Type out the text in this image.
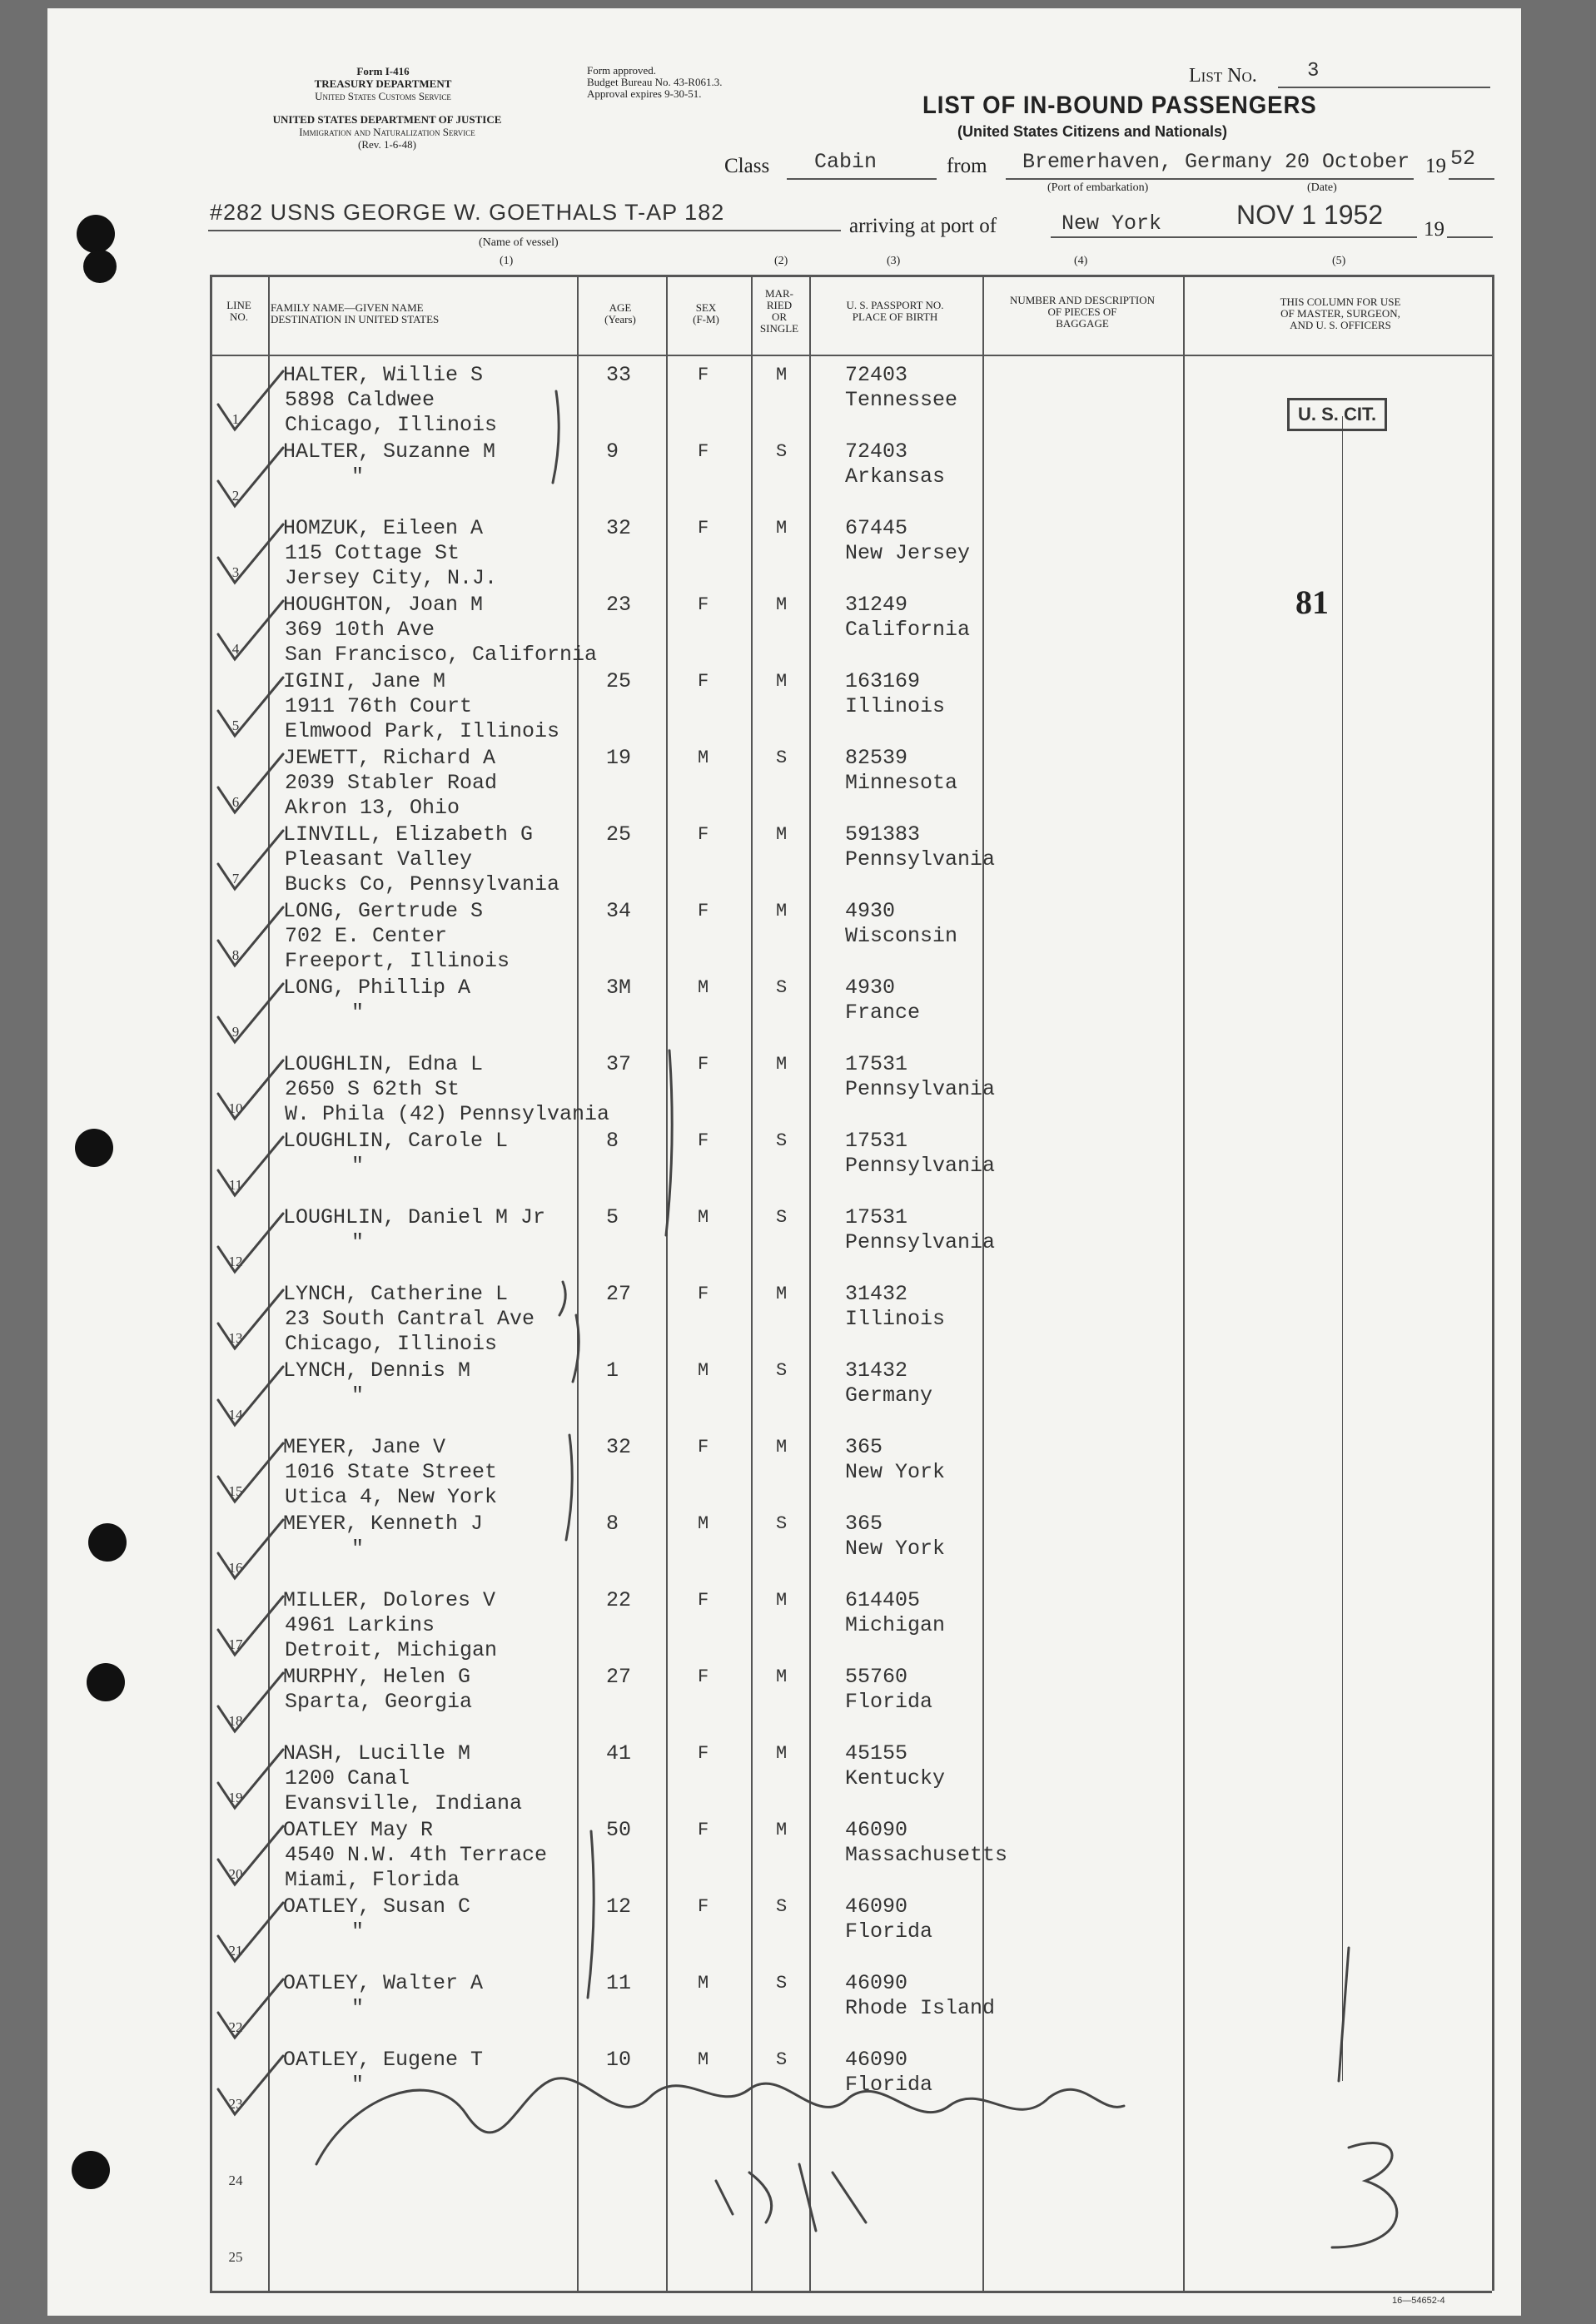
Form I-416
TREASURY DEPARTMENT
United States Customs Service
UNITED STATES DEPARTMENT OF JUSTICE
Immigration and Naturalization Service
(Rev. 1-6-48)
Form approved.
Budget Bureau No. 43-R061.3.
Approval expires 9-30-51.
List No.	3
LIST OF IN-BOUND PASSENGERS
(United States Citizens and Nationals)
Class Cabin	from Bremerhaven, Germany 20 October 19 52
(Port of embarkation)	(Date)
#282 USNS GEORGE W. GOETHALS T-AP 182
(Name of vessel)
arriving at port of	New York	NOV 1 1952 19
(1)	(2)	(3)	(4)	(5)
LINE
NO.
FAMILY NAME—GIVEN NAME
DESTINATION IN UNITED STATES
AGE
(Years)
SEX
(F-M)
MAR-
RIED
OR
SINGLE
U. S. PASSPORT NO.
PLACE OF BIRTH
NUMBER AND DESCRIPTION
OF PIECES OF
BAGGAGE
THIS COLUMN FOR USE
OF MASTER, SURGEON,
AND U. S. OFFICERS
U. S. CIT.
81
16—54652-4
1
HALTER, Willie S
5898 Caldwee
Chicago, Illinois
33	F	M	72403
Tennessee
2
HALTER, Suzanne M
"
9	F	S	72403
Arkansas
3
HOMZUK, Eileen A
115 Cottage St
Jersey City, N.J.
32	F	M	67445
New Jersey
4
HOUGHTON, Joan M
369 10th Ave
San Francisco, California
23	F	M	31249
California
5
IGINI, Jane M
1911 76th Court
Elmwood Park, Illinois
25	F	M	163169
Illinois
6
JEWETT, Richard A
2039 Stabler Road
Akron 13, Ohio
19	M	S	82539
Minnesota
7
LINVILL, Elizabeth G
Pleasant Valley
Bucks Co, Pennsylvania
25	F	M	591383
Pennsylvania
8
LONG, Gertrude S
702 E. Center
Freeport, Illinois
34	F	M	4930
Wisconsin
9
LONG, Phillip A
"
3M	M	S	4930
France
10
LOUGHLIN, Edna L
2650 S 62th St
W. Phila (42) Pennsylvania
37	F	M	17531
Pennsylvania
11
LOUGHLIN, Carole L
"
8	F	S	17531
Pennsylvania
12
LOUGHLIN, Daniel M Jr
"
5	M	S	17531
Pennsylvania
13
LYNCH, Catherine L
23 South Cantral Ave
Chicago, Illinois
27	F	M	31432
Illinois
14
LYNCH, Dennis M
"
1	M	S	31432
Germany
15
MEYER, Jane V
1016 State Street
Utica 4, New York
32	F	M	365
New York
16
MEYER, Kenneth J
"
8	M	S	365
New York
17
MILLER, Dolores V
4961 Larkins
Detroit, Michigan
22	F	M	614405
Michigan
18
MURPHY, Helen G
Sparta, Georgia
27	F	M	55760
Florida
19
NASH, Lucille M
1200 Canal
Evansville, Indiana
41	F	M	45155
Kentucky
20
OATLEY May R
4540 N.W. 4th Terrace
Miami, Florida
50	F	M	46090
Massachusetts
21
OATLEY, Susan C
"
12	F	S	46090
Florida
22
OATLEY, Walter A
"
11	M	S	46090
Rhode Island
23
OATLEY, Eugene T
"
10	M	S	46090
Florida
24
25
